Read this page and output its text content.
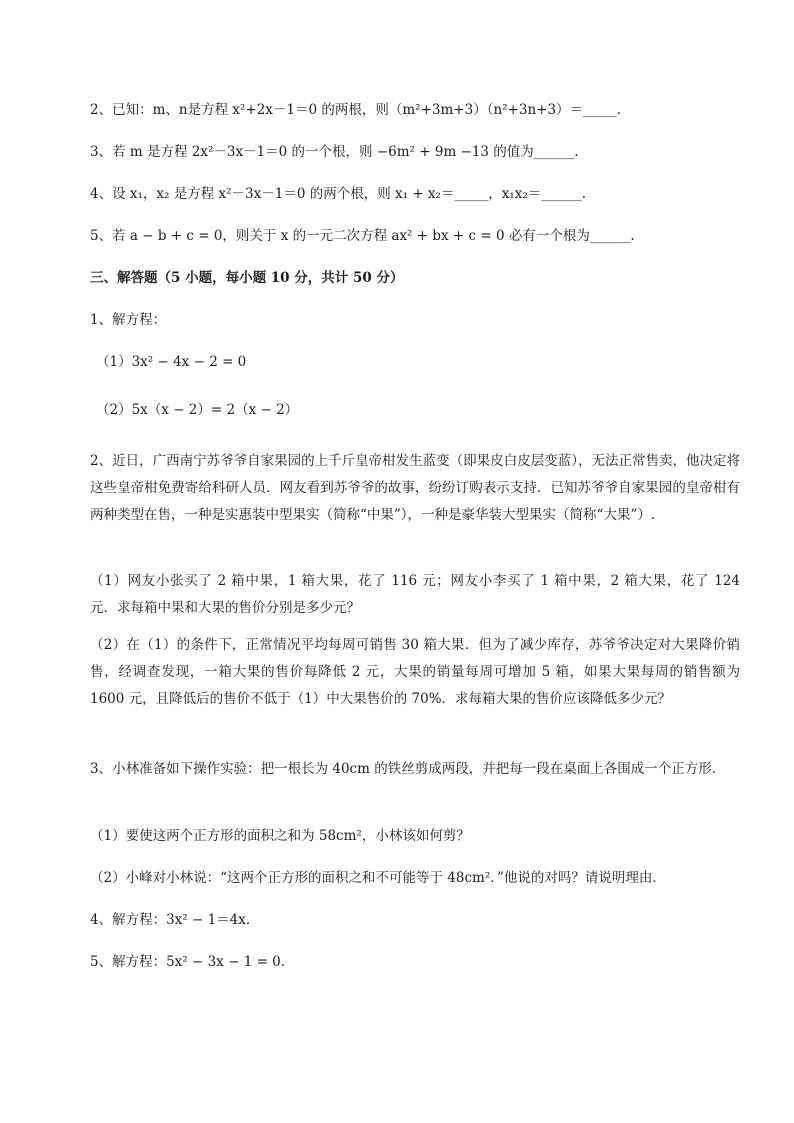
2、已知：m、n是方程 x²+2x－1＝0 的两根，则（m²+3m+3）（n²+3n+3）＝_____.
3、若 m 是方程 2x²－3x－1＝0 的一个根，则 −6m² + 9m −13 的值为______.
4、设 x₁，x₂ 是方程 x²－3x－1＝0 的两个根，则 x₁ + x₂＝_____，x₁x₂＝______.
5、若 a − b + c = 0，则关于 x 的一元二次方程 ax² + bx + c = 0 必有一个根为______.
三、解答题（5 小题，每小题 10 分，共计 50 分）
1、解方程：
（1）3x² − 4x − 2 = 0
（2）5x（x − 2）= 2（x − 2）
2、近日，广西南宁苏爷爷自家果园的上千斤皇帝柑发生蓝变（即果皮白皮层变蓝），无法正常售卖，他决定将这些皇帝柑免费寄给科研人员．网友看到苏爷爷的故事，纷纷订购表示支持．已知苏爷爷自家果园的皇帝柑有两种类型在售，一种是实惠装中型果实（简称“中果”），一种是豪华装大型果实（简称“大果”）.
（1）网友小张买了 2 箱中果，1 箱大果，花了 116 元；网友小李买了 1 箱中果，2 箱大果，花了 124 元．求每箱中果和大果的售价分别是多少元？
（2）在（1）的条件下，正常情况平均每周可销售 30 箱大果．但为了减少库存，苏爷爷决定对大果降价销售，经调查发现，一箱大果的售价每降低 2 元，大果的销量每周可增加 5 箱，如果大果每周的销售额为 1600 元，且降低后的售价不低于（1）中大果售价的 70%．求每箱大果的售价应该降低多少元？
3、小林准备如下操作实验：把一根长为 40cm 的铁丝剪成两段，并把每一段在桌面上各围成一个正方形．
（1）要使这两个正方形的面积之和为 58cm²，小林该如何剪？
（2）小峰对小林说：“这两个正方形的面积之和不可能等于 48cm²．”他说的对吗？请说明理由．
4、解方程：3x² − 1＝4x.
5、解方程：5x² − 3x − 1 = 0．
